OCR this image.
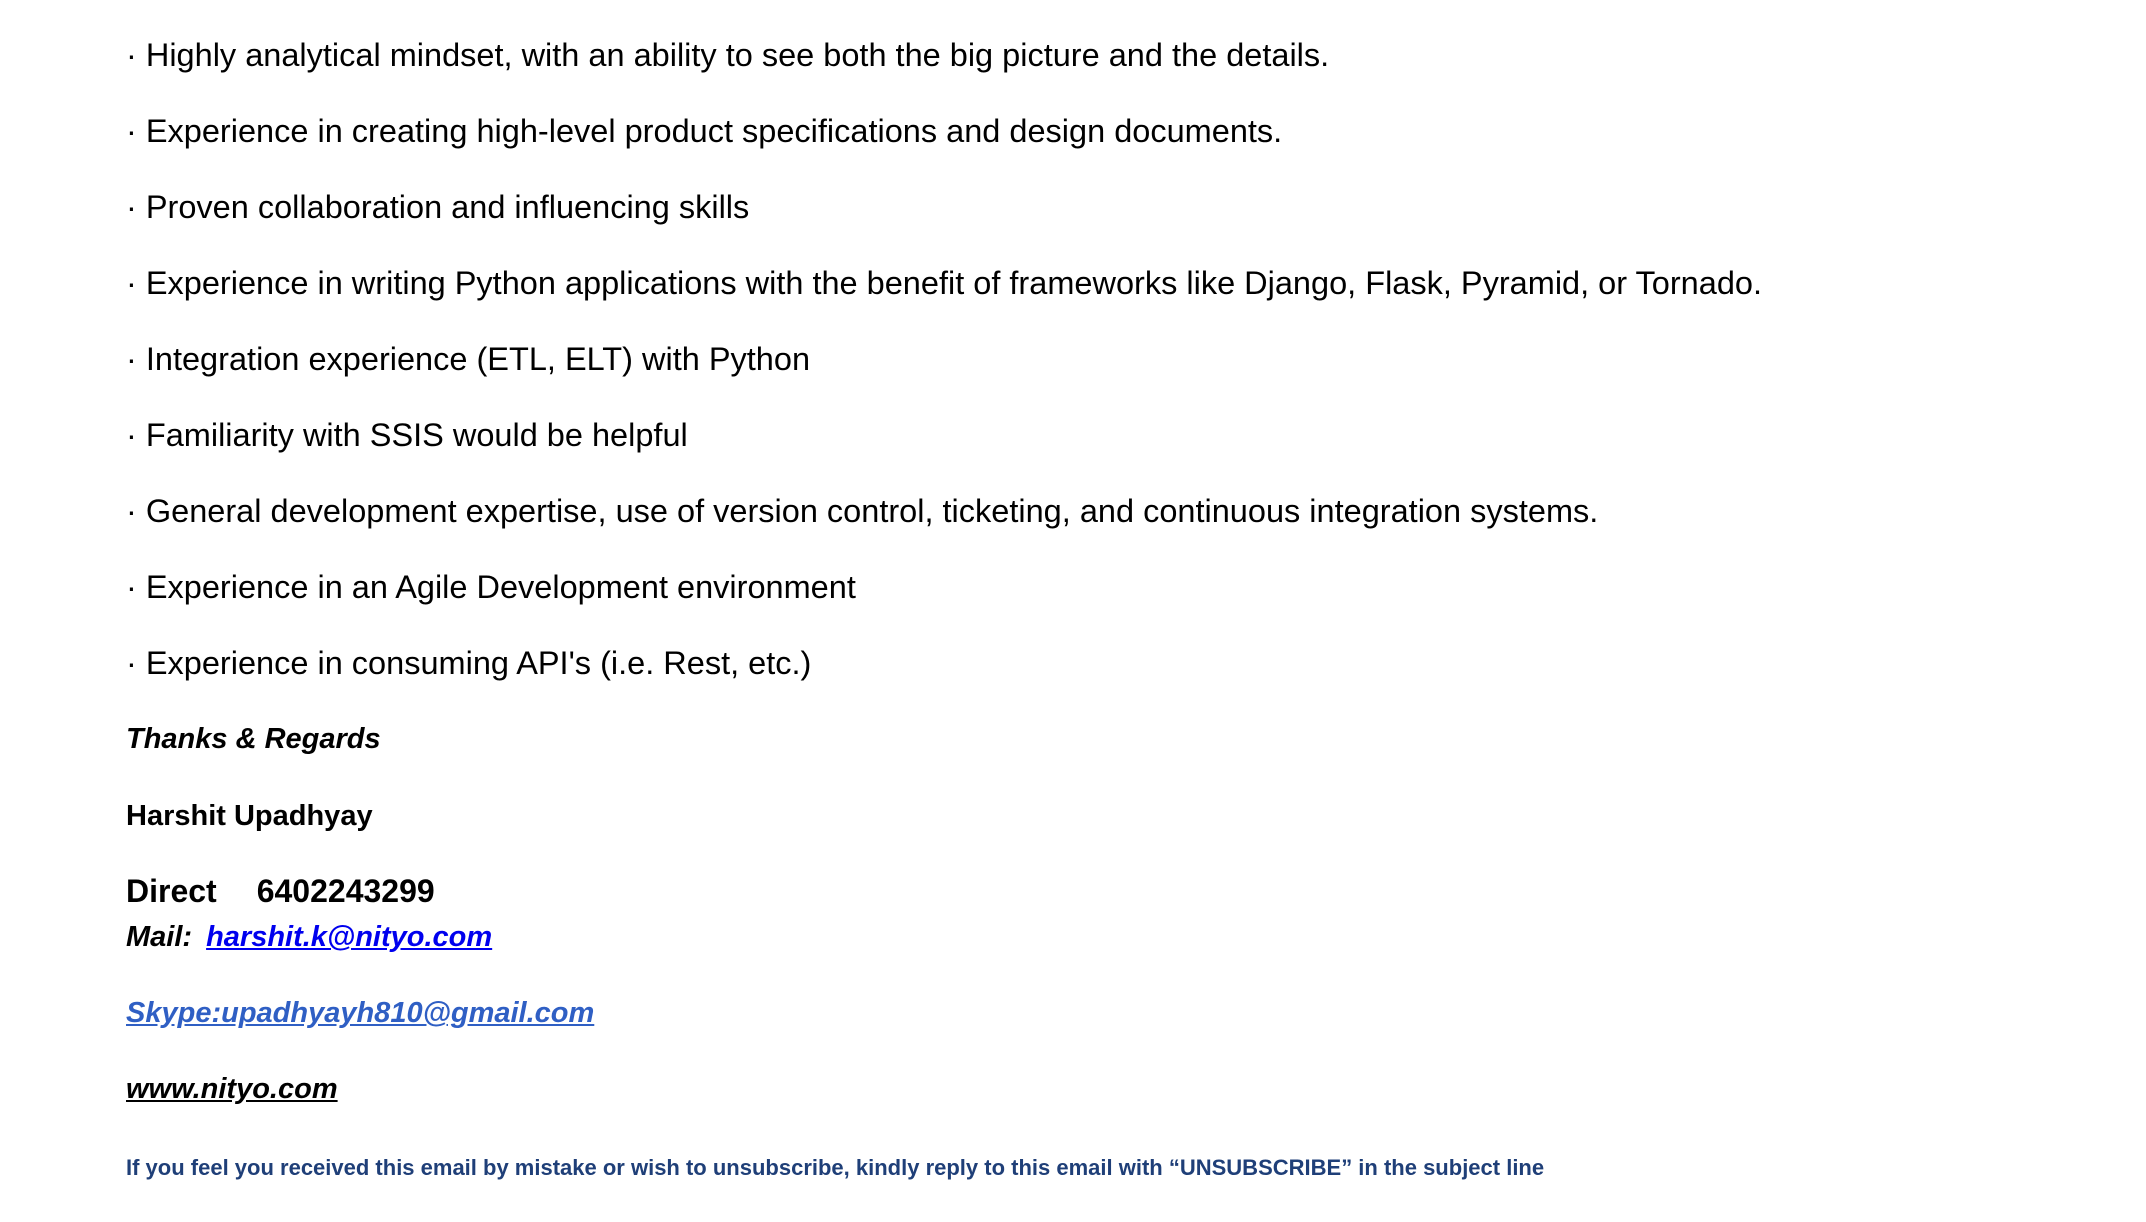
· Highly analytical mindset, with an ability to see both the big picture and the details.
· Experience in creating high-level product specifications and design documents.
· Proven collaboration and influencing skills
· Experience in writing Python applications with the benefit of frameworks like Django, Flask, Pyramid, or Tornado.
· Integration experience (ETL, ELT) with Python
· Familiarity with SSIS would be helpful
· General development expertise, use of version control, ticketing, and continuous integration systems.
· Experience in an Agile Development environment
· Experience in consuming API's (i.e. Rest, etc.)
Thanks & Regards
Harshit Upadhyay
Direct 6402243299
Mail: harshit.k@nityo.com
Skype:upadhyayh810@gmail.com
www.nityo.com
If you feel you received this email by mistake or wish to unsubscribe, kindly reply to this email with “UNSUBSCRIBE” in the subject line
